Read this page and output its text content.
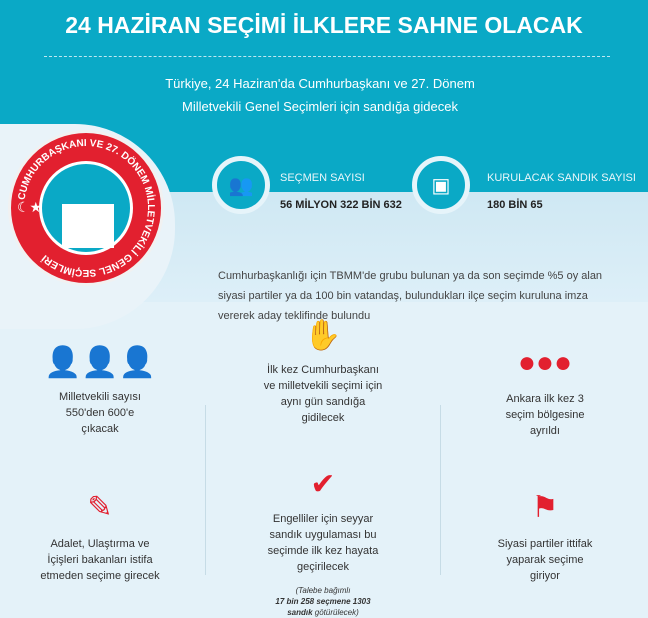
24 HAZİRAN SEÇİMİ İLKLERE SAHNE OLACAK
Türkiye, 24 Haziran'da Cumhurbaşkanı ve 27. Dönem
Milletvekili Genel Seçimleri için sandığa gidecek
CUMHURBAŞKANI VE 27. DÖNEM MİLLETVEKİLİ GENEL SEÇİMLERİ
☾★
👥	SEÇMEN SAYISI
56 MİLYON 322 BİN 632
▣	KURULACAK SANDIK SAYISI
180 BİN 65
Cumhurbaşkanlığı için TBMM'de grubu bulunan ya da son seçimde %5 oy alan siyasi partiler ya da 100 bin vatandaş, bulundukları ilçe seçim kuruluna imza vererek aday teklifinde bulundu
👤👤👤
Milletvekili sayısı 550'den 600'e çıkacak
✋
İlk kez Cumhurbaşkanı ve milletvekili seçimi için aynı gün sandığa gidilecek
●●●
Ankara ilk kez 3 seçim bölgesine ayrıldı
✎
Adalet, Ulaştırma ve İçişleri bakanları istifa etmeden seçime girecek
✔
Engelliler için seyyar sandık uygulaması bu seçimde ilk kez hayata geçirilecek
(Talebe bağımlı
17 bin 258 seçmene 1303
sandık götürülecek)
⚑
Siyasi partiler ittifak yaparak seçime giriyor
